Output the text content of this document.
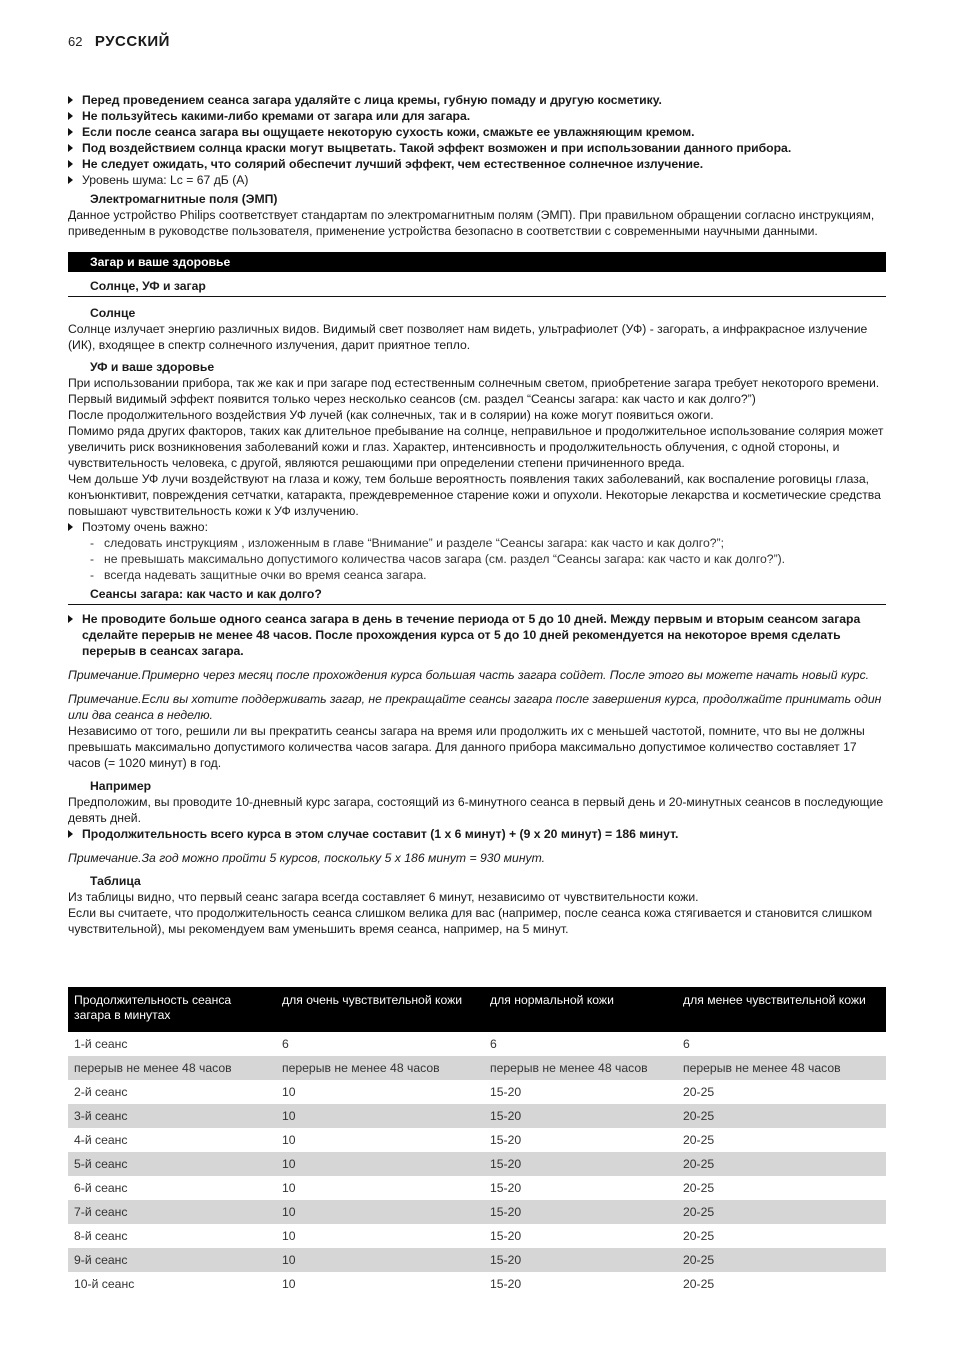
62 РУССКИЙ
Перед проведением сеанса загара удаляйте с лица кремы, губную помаду и другую косметику.
Не пользуйтесь какими-либо кремами от загара или для загара.
Если после сеанса загара вы ощущаете некоторую сухость кожи, смажьте ее увлажняющим кремом.
Под воздействием солнца краски могут выцветать. Такой эффект возможен и при использовании данного прибора.
Не следует ожидать, что солярий обеспечит лучший эффект, чем естественное солнечное излучение.
Уровень шума: Lc = 67 дБ (A)
Электромагнитные поля (ЭМП)

Данное устройство Philips соответствует стандартам по электромагнитным полям (ЭМП). При правильном обращении согласно инструкциям, приведенным в руководстве пользователя, применение устройства безопасно в соответствии с современными научными данными.

Загар и ваше здоровье
Солнце, УФ и загар
Солнце

Солнце излучает энергию различных видов. Видимый свет позволяет нам видеть, ультрафиолет (УФ) - загорать, а инфракрасное излучение (ИК), входящее в спектр солнечного излучения, дарит приятное тепло.

УФ и ваше здоровье

При использовании прибора, так же как и при загаре под естественным солнечным светом, приобретение загара требует некоторого времени. Первый видимый эффект появится только через несколько сеансов (см. раздел “Сеансы загара: как часто и как долго?”)

После продолжительного воздействия УФ лучей (как солнечных, так и в солярии) на коже могут появиться ожоги.

Помимо ряда других факторов, таких как длительное пребывание на солнце, неправильное и продолжительное использование солярия может увеличить риск возникновения заболеваний кожи и глаз. Характер, интенсивность и продолжительность облучения, с одной стороны, и чувствительность человека, с другой, являются решающими при определении степени причиненного вреда.

Чем дольше УФ лучи воздействуют на глаза и кожу, тем больше вероятность появления таких заболеваний, как воспаление роговицы глаза, конъюнктивит, повреждения сетчатки, катаракта, преждевременное старение кожи и опухоли. Некоторые лекарства и косметические средства повышают чувствительность кожи к УФ излучению.

Поэтому очень важно:
- следовать инструкциям , изложенным в главе “Внимание” и разделе “Сеансы загара: как часто и как долго?”;
- не превышать максимально допустимого количества часов загара (см. раздел “Сеансы загара: как часто и как долго?”).
- всегда надевать защитные очки во время сеанса загара.
Сеансы загара: как часто и как долго?
Не проводите больше одного сеанса загара в день в течение периода от 5 до 10 дней. Между первым и вторым сеансом загара сделайте перерыв не менее 48 часов. После прохождения курса от 5 до 10 дней рекомендуется на некоторое время сделать перерыв в сеансах загара.
Примечание.Примерно через месяц после прохождения курса большая часть загара сойдет. После этого вы можете начать новый курс.
Примечание.Если вы хотите поддерживать загар, не прекращайте сеансы загара после завершения курса, продолжайте принимать один или два сеанса в неделю.

Независимо от того, решили ли вы прекратить сеансы загара на время или продолжить их с меньшей частотой, помните, что вы не должны превышать максимально допустимого количества часов загара. Для данного прибора максимально допустимое количество составляет 17 часов (= 1020 минут) в год.

Например

Предположим, вы проводите 10-дневный курс загара, состоящий из 6-минутного сеанса в первый день и 20-минутных сеансов в последующие девять дней.

Продолжительность всего курса в этом случае составит (1 x 6 минут) + (9 x 20 минут) = 186 минут.
Примечание.За год можно пройти 5 курсов, поскольку 5 x 186 минут = 930 минут.
Таблица

Из таблицы видно, что первый сеанс загара всегда составляет 6 минут, независимо от чувствительности кожи.

Если вы считаете, что продолжительность сеанса слишком велика для вас (например, после сеанса кожа стягивается и становится слишком чувствительной), мы рекомендуем вам уменьшить время сеанса, например, на 5 минут.

Продолжительность сеанса загара в минутах	для очень чувствительной кожи	для нормальной кожи	для менее чувствительной кожи
1-й сеанс	6	6	6
перерыв не менее 48 часов	перерыв не менее 48 часов	перерыв не менее 48 часов	перерыв не менее 48 часов
2-й сеанс	10	15-20	20-25
3-й сеанс	10	15-20	20-25
4-й сеанс	10	15-20	20-25
5-й сеанс	10	15-20	20-25
6-й сеанс	10	15-20	20-25
7-й сеанс	10	15-20	20-25
8-й сеанс	10	15-20	20-25
9-й сеанс	10	15-20	20-25
10-й сеанс	10	15-20	20-25
